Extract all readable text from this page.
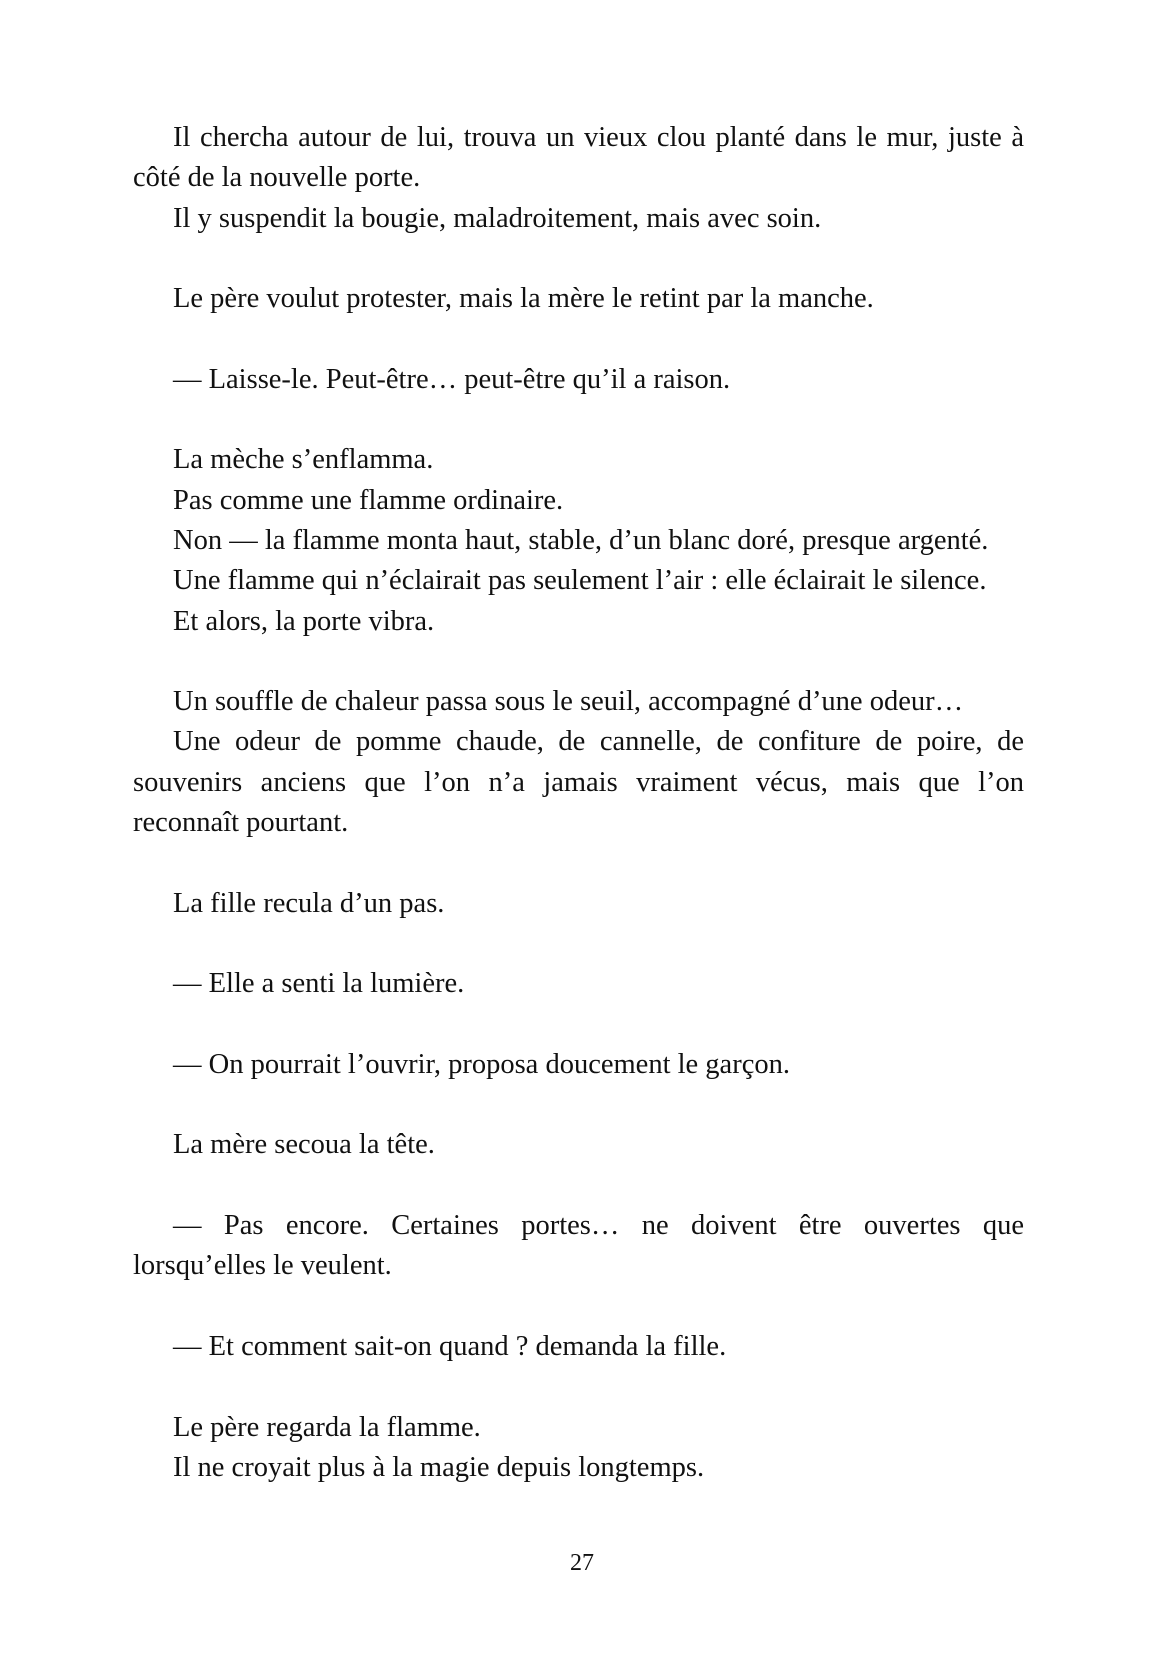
Il chercha autour de lui, trouva un vieux clou planté dans le mur, juste à côté de la nouvelle porte.

Il y suspendit la bougie, maladroitement, mais avec soin.

Le père voulut protester, mais la mère le retint par la manche.

— Laisse-le. Peut-être… peut-être qu’il a raison.

La mèche s’enflamma.

Pas comme une flamme ordinaire.

Non — la flamme monta haut, stable, d’un blanc doré, presque argenté.

Une flamme qui n’éclairait pas seulement l’air : elle éclairait le silence.

Et alors, la porte vibra.

Un souffle de chaleur passa sous le seuil, accompagné d’une odeur…

Une odeur de pomme chaude, de cannelle, de confiture de poire, de souvenirs anciens que l’on n’a jamais vraiment vécus, mais que l’on reconnaît pourtant.

La fille recula d’un pas.

— Elle a senti la lumière.

— On pourrait l’ouvrir, proposa doucement le garçon.

La mère secoua la tête.

— Pas encore. Certaines portes… ne doivent être ouvertes que lorsqu’elles le veulent.

— Et comment sait-on quand ? demanda la fille.

Le père regarda la flamme.

Il ne croyait plus à la magie depuis longtemps.

27
